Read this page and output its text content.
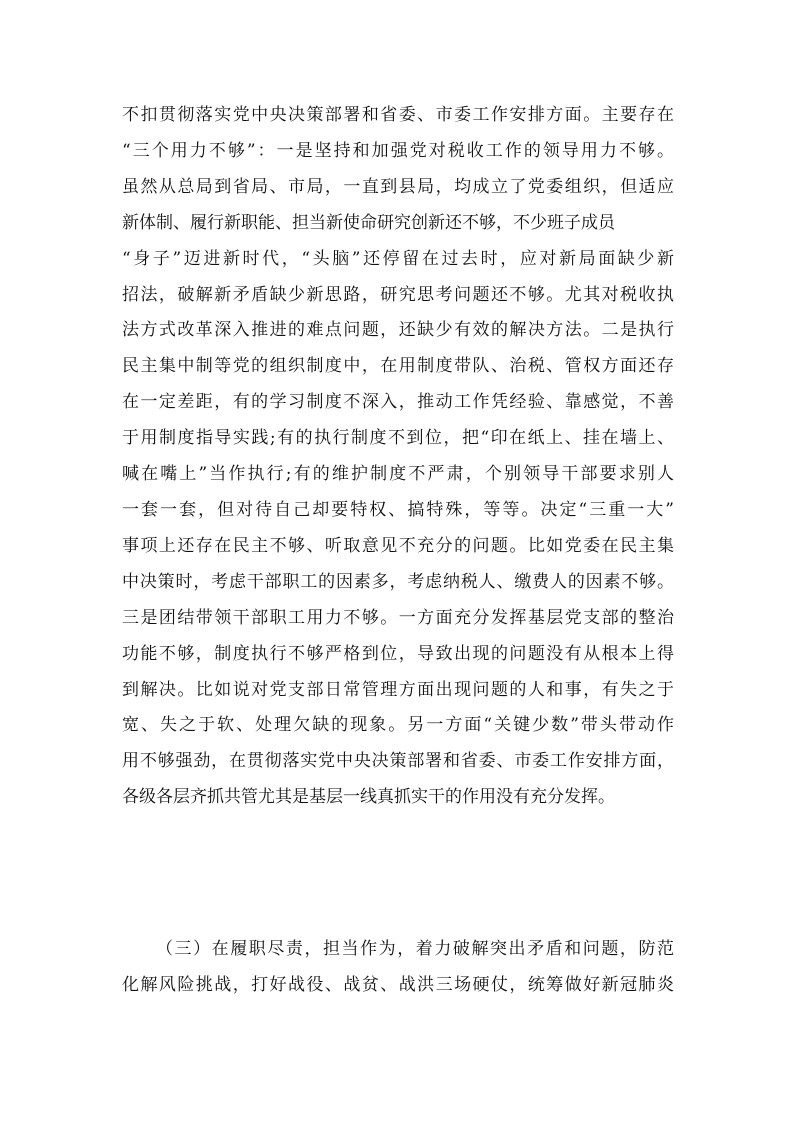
不扣贯彻落实党中央决策部署和省委、市委工作安排方面。主要存在
“三个用力不够”：一是坚持和加强党对税收工作的领导用力不够。
虽然从总局到省局、市局，一直到县局，均成立了党委组织，但适应
新体制、履行新职能、担当新使命研究创新还不够，不少班子成员
“身子”迈进新时代，“头脑”还停留在过去时，应对新局面缺少新
招法，破解新矛盾缺少新思路，研究思考问题还不够。尤其对税收执
法方式改革深入推进的难点问题，还缺少有效的解决方法。二是执行
民主集中制等党的组织制度中，在用制度带队、治税、管权方面还存
在一定差距，有的学习制度不深入，推动工作凭经验、靠感觉，不善
于用制度指导实践;有的执行制度不到位，把“印在纸上、挂在墙上、
喊在嘴上”当作执行;有的维护制度不严肃，个别领导干部要求别人
一套一套，但对待自己却要特权、搞特殊，等等。决定“三重一大”
事项上还存在民主不够、听取意见不充分的问题。比如党委在民主集
中决策时，考虑干部职工的因素多，考虑纳税人、缴费人的因素不够。
三是团结带领干部职工用力不够。一方面充分发挥基层党支部的整治
功能不够，制度执行不够严格到位，导致出现的问题没有从根本上得
到解决。比如说对党支部日常管理方面出现问题的人和事，有失之于
宽、失之于软、处理欠缺的现象。另一方面“关键少数”带头带动作
用不够强劲，在贯彻落实党中央决策部署和省委、市委工作安排方面，
各级各层齐抓共管尤其是基层一线真抓实干的作用没有充分发挥。
（三）在履职尽责，担当作为，着力破解突出矛盾和问题，防范
化解风险挑战，打好战役、战贫、战洪三场硬仗，统筹做好新冠肺炎
